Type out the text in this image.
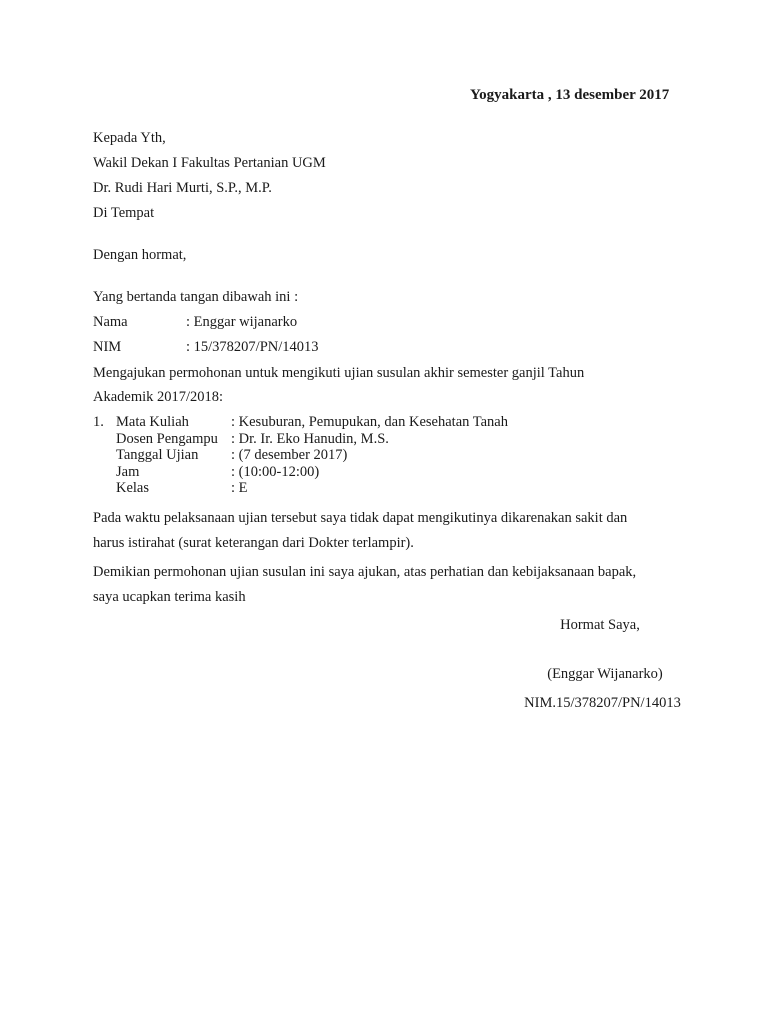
Yogyakarta , 13 desember 2017
Kepada Yth,
Wakil Dekan I Fakultas Pertanian UGM
Dr. Rudi Hari Murti, S.P., M.P.
Di Tempat
Dengan hormat,
Yang bertanda tangan dibawah ini :
Nama	: Enggar wijanarko
NIM	: 15/378207/PN/14013
Mengajukan permohonan untuk mengikuti ujian susulan akhir semester ganjil Tahun
Akademik 2017/2018:
1.	Mata Kuliah	: Kesuburan, Pemupukan, dan Kesehatan Tanah
	Dosen Pengampu	: Dr. Ir. Eko Hanudin, M.S.
	Tanggal Ujian	: (7 desember 2017)
	Jam	: (10:00-12:00)
	Kelas	: E
Pada waktu pelaksanaan ujian tersebut saya tidak dapat mengikutinya dikarenakan sakit dan
harus istirahat (surat keterangan dari Dokter terlampir).
Demikian permohonan ujian susulan ini saya ajukan, atas perhatian dan kebijaksanaan bapak,
saya ucapkan terima kasih
Hormat Saya,
(Enggar Wijanarko)
NIM.15/378207/PN/14013
